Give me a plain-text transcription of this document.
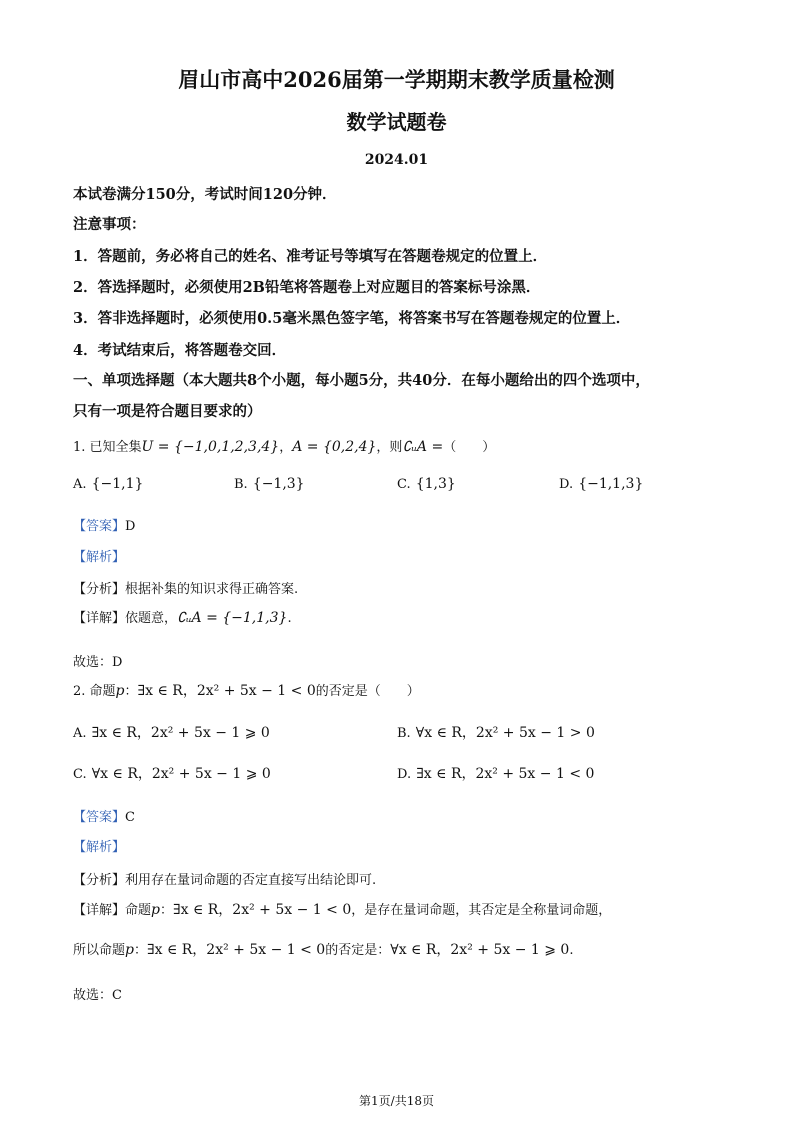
眉山市高中2026届第一学期期末教学质量检测
数学试题卷
2024.01
本试卷满分150分，考试时间120分钟．
注意事项：
1．答题前，务必将自己的姓名、准考证号等填写在答题卷规定的位置上．
2．答选择题时，必须使用2B铅笔将答题卷上对应题目的答案标号涂黑．
3．答非选择题时，必须使用0.5毫米黑色签字笔，将答案书写在答题卷规定的位置上．
4．考试结束后，将答题卷交回．
一、单项选择题（本大题共8个小题，每小题5分，共40分．在每小题给出的四个选项中，
只有一项是符合题目要求的）
1. 已知全集U = {−1,0,1,2,3,4}，A = {0,2,4}，则∁ᵤA =（　　）
A. {−1,1}	B. {−1,3}	C. {1,3}	D. {−1,1,3}
【答案】D
【解析】
【分析】根据补集的知识求得正确答案.
【详解】依题意，∁ᵤA = {−1,1,3}.
故选：D
2. 命题p：∃x ∈ R，2x² + 5x − 1 < 0的否定是（　　）
A. ∃x ∈ R，2x² + 5x − 1 ⩾ 0	B. ∀x ∈ R，2x² + 5x − 1 > 0
C. ∀x ∈ R，2x² + 5x − 1 ⩾ 0	D. ∃x ∈ R，2x² + 5x − 1 < 0
【答案】C
【解析】
【分析】利用存在量词命题的否定直接写出结论即可.
【详解】命题p：∃x ∈ R，2x² + 5x − 1 < 0，是存在量词命题，其否定是全称量词命题，
所以命题p：∃x ∈ R，2x² + 5x − 1 < 0的否定是：∀x ∈ R，2x² + 5x − 1 ⩾ 0.
故选：C
第1页/共18页
